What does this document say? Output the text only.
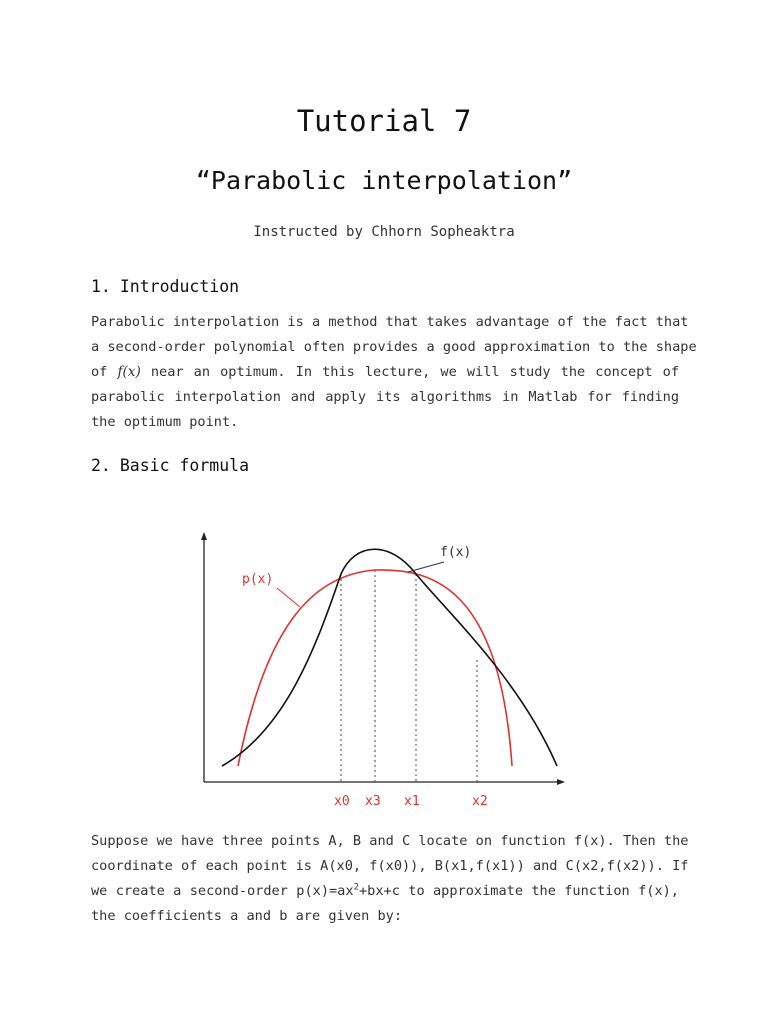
Tutorial 7
“Parabolic interpolation”
Instructed by Chhorn Sopheaktra
1. Introduction
Parabolic interpolation is a method that takes advantage of the fact that
a second-order polynomial often provides a good approximation to the shape
of f(x) near an optimum. In this lecture, we will study the concept of
parabolic interpolation and apply its algorithms in Matlab for finding
the optimum point.
2. Basic formula
f(x)
p(x)
x0 x3 x1	x2
Suppose we have three points A, B and C locate on function f(x). Then the
coordinate of each point is A(x0, f(x0)), B(x1,f(x1)) and C(x2,f(x2)). If
we create a second-order $p(x)=ax^2+bx+c$ to approximate the function f(x),
the coefficients a and b are given by:
